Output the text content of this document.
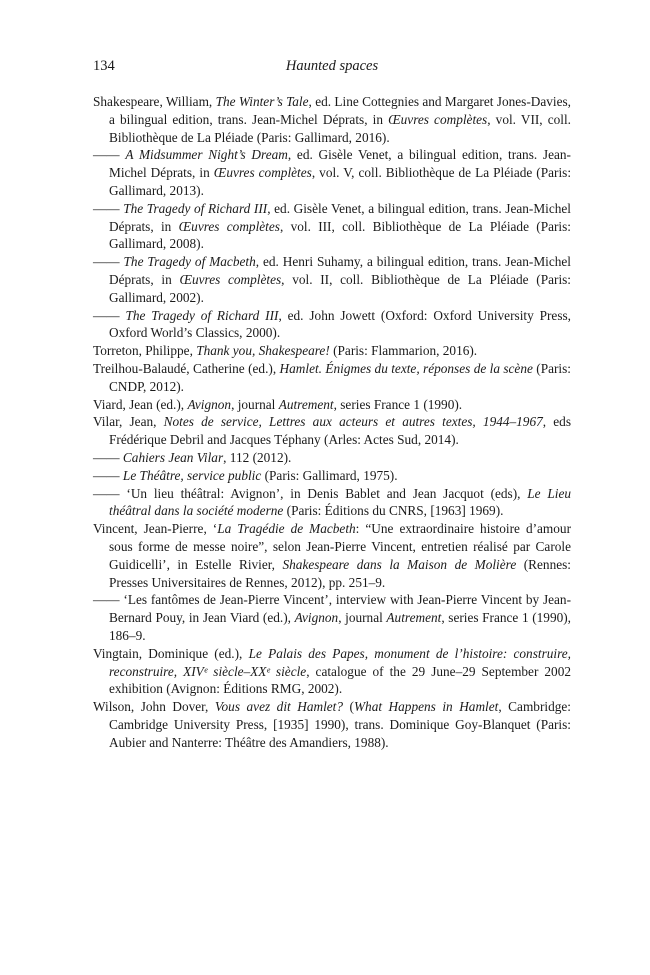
134	Haunted spaces

Shakespeare, William, The Winter’s Tale, ed. Line Cottegnies and Margaret Jones-Davies, a bilingual edition, trans. Jean-Michel Déprats, in Œuvres complètes, vol. VII, coll. Bibliothèque de La Pléiade (Paris: Gallimard, 2016).

—— A Midsummer Night’s Dream, ed. Gisèle Venet, a bilingual edition, trans. Jean-Michel Déprats, in Œuvres complètes, vol. V, coll. Bibliothèque de La Pléiade (Paris: Gallimard, 2013).

—— The Tragedy of Richard III, ed. Gisèle Venet, a bilingual edition, trans. Jean-Michel Déprats, in Œuvres complètes, vol. III, coll. Bibliothèque de La Pléiade (Paris: Gallimard, 2008).

—— The Tragedy of Macbeth, ed. Henri Suhamy, a bilingual edition, trans. Jean-Michel Déprats, in Œuvres complètes, vol. II, coll. Bibliothèque de La Pléiade (Paris: Gallimard, 2002).

—— The Tragedy of Richard III, ed. John Jowett (Oxford: Oxford University Press, Oxford World’s Classics, 2000).

Torreton, Philippe, Thank you, Shakespeare! (Paris: Flammarion, 2016).

Treilhou-Balaudé, Catherine (ed.), Hamlet. Énigmes du texte, réponses de la scène (Paris: CNDP, 2012).

Viard, Jean (ed.), Avignon, journal Autrement, series France 1 (1990).

Vilar, Jean, Notes de service, Lettres aux acteurs et autres textes, 1944–1967, eds Frédérique Debril and Jacques Téphany (Arles: Actes Sud, 2014).

—— Cahiers Jean Vilar, 112 (2012).

—— Le Théâtre, service public (Paris: Gallimard, 1975).

—— ‘Un lieu théâtral: Avignon’, in Denis Bablet and Jean Jacquot (eds), Le Lieu théâtral dans la société moderne (Paris: Éditions du CNRS, [1963] 1969).

Vincent, Jean-Pierre, ‘La Tragédie de Macbeth: “Une extraordinaire histoire d’amour sous forme de messe noire”, selon Jean-Pierre Vincent, entretien réalisé par Carole Guidicelli’, in Estelle Rivier, Shakespeare dans la Maison de Molière (Rennes: Presses Universitaires de Rennes, 2012), pp. 251–9.

—— ‘Les fantômes de Jean-Pierre Vincent’, interview with Jean-Pierre Vincent by Jean-Bernard Pouy, in Jean Viard (ed.), Avignon, journal Autrement, series France 1 (1990), 186–9.

Vingtain, Dominique (ed.), Le Palais des Papes, monument de l’histoire: construire, reconstruire, XIVᵉ siècle–XXᵉ siècle, catalogue of the 29 June–29 September 2002 exhibition (Avignon: Éditions RMG, 2002).

Wilson, John Dover, Vous avez dit Hamlet? (What Happens in Hamlet, Cambridge: Cambridge University Press, [1935] 1990), trans. Dominique Goy-Blanquet (Paris: Aubier and Nanterre: Théâtre des Amandiers, 1988).
